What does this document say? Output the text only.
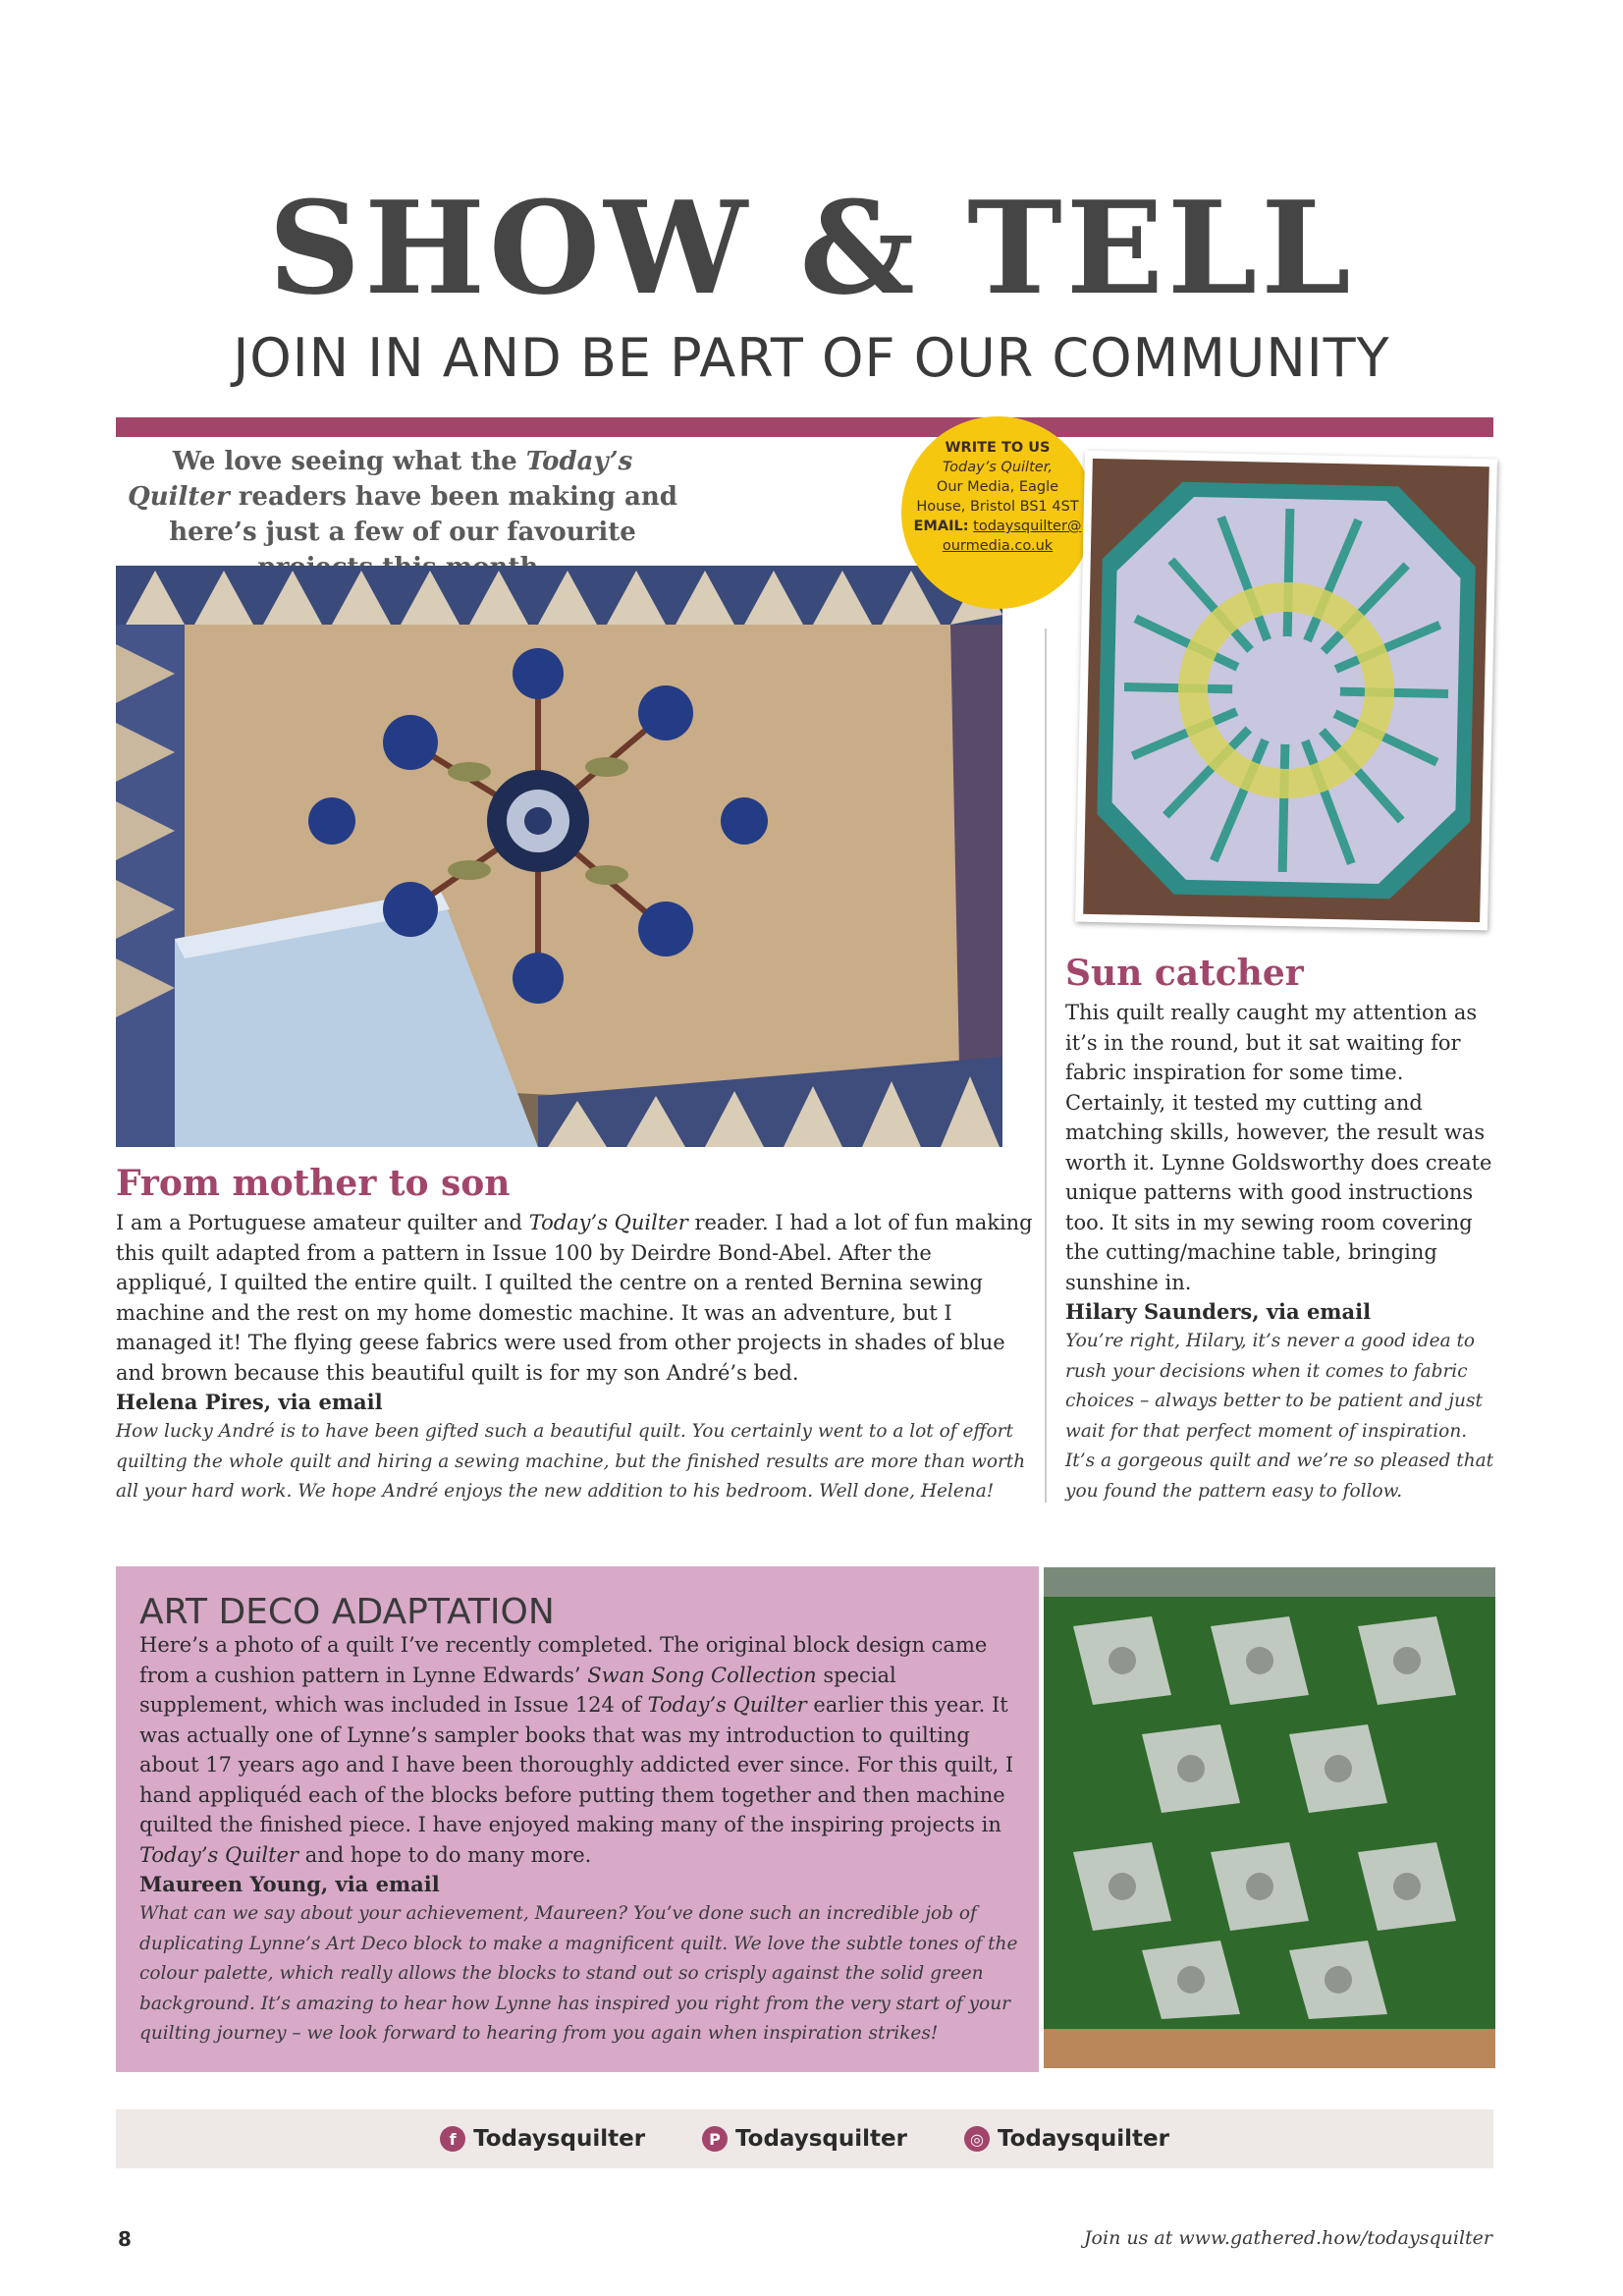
SHOW & TELL
JOIN IN AND BE PART OF OUR COMMUNITY
We love seeing what the Today’s Quilter readers have been making and here’s just a few of our favourite
WRITE TO US
Today’s Quilter,
Our Media, Eagle
House, Bristol BS1 4ST
EMAIL: todaysquilter@
ourmedia.co.uk
From mother to son

I am a Portuguese amateur quilter and Today’s Quilter reader. I had a lot of fun making this quilt adapted from a pattern in Issue 100 by Deirdre Bond-Abel. After the appliqué, I quilted the entire quilt. I quilted the centre on a rented Bernina sewing machine and the rest on my home domestic machine. It was an adventure, but I managed it! The flying geese fabrics were used from other projects in shades of blue and brown because this beautiful quilt is for my son André’s bed.

Helena Pires, via email
How lucky André is to have been gifted such a beautiful quilt. You certainly went to a lot of effort quilting the whole quilt and hiring a sewing machine, but the finished results are more than worth all your hard work. We hope André enjoys the new addition to his bedroom. Well done, Helena!
Sun catcher

This quilt really caught my attention as it’s in the round, but it sat waiting for fabric inspiration for some time. Certainly, it tested my cutting and matching skills, however, the result was worth it. Lynne Goldsworthy does create unique patterns with good instructions too. It sits in my sewing room covering the cutting/machine table, bringing sunshine in.

Hilary Saunders, via email
You’re right, Hilary, it’s never a good idea to rush your decisions when it comes to fabric choices – always better to be patient and just wait for that perfect moment of inspiration. It’s a gorgeous quilt and we’re so pleased that you found the pattern easy to follow.
ART DECO ADAPTATION

Here’s a photo of a quilt I’ve recently completed. The original block design came from a cushion pattern in Lynne Edwards’ Swan Song Collection special supplement, which was included in Issue 124 of Today’s Quilter earlier this year. It was actually one of Lynne’s sampler books that was my introduction to quilting about 17 years ago and I have been thoroughly addicted ever since. For this quilt, I hand appliquéd each of the blocks before putting them together and then machine quilted the finished piece. I have enjoyed making many of the inspiring projects in Today’s Quilter and hope to do many more.

Maureen Young, via email
What can we say about your achievement, Maureen? You’ve done such an incredible job of duplicating Lynne’s Art Deco block to make a magnificent quilt. We love the subtle tones of the colour palette, which really allows the blocks to stand out so crisply against the solid green background. It’s amazing to hear how Lynne has inspired you right from the very start of your quilting journey – we look forward to hearing from you again when inspiration strikes!
f Todaysquilter	P Todaysquilter	◎ Todaysquilter
8	Join us at www.gathered.how/todaysquilter
